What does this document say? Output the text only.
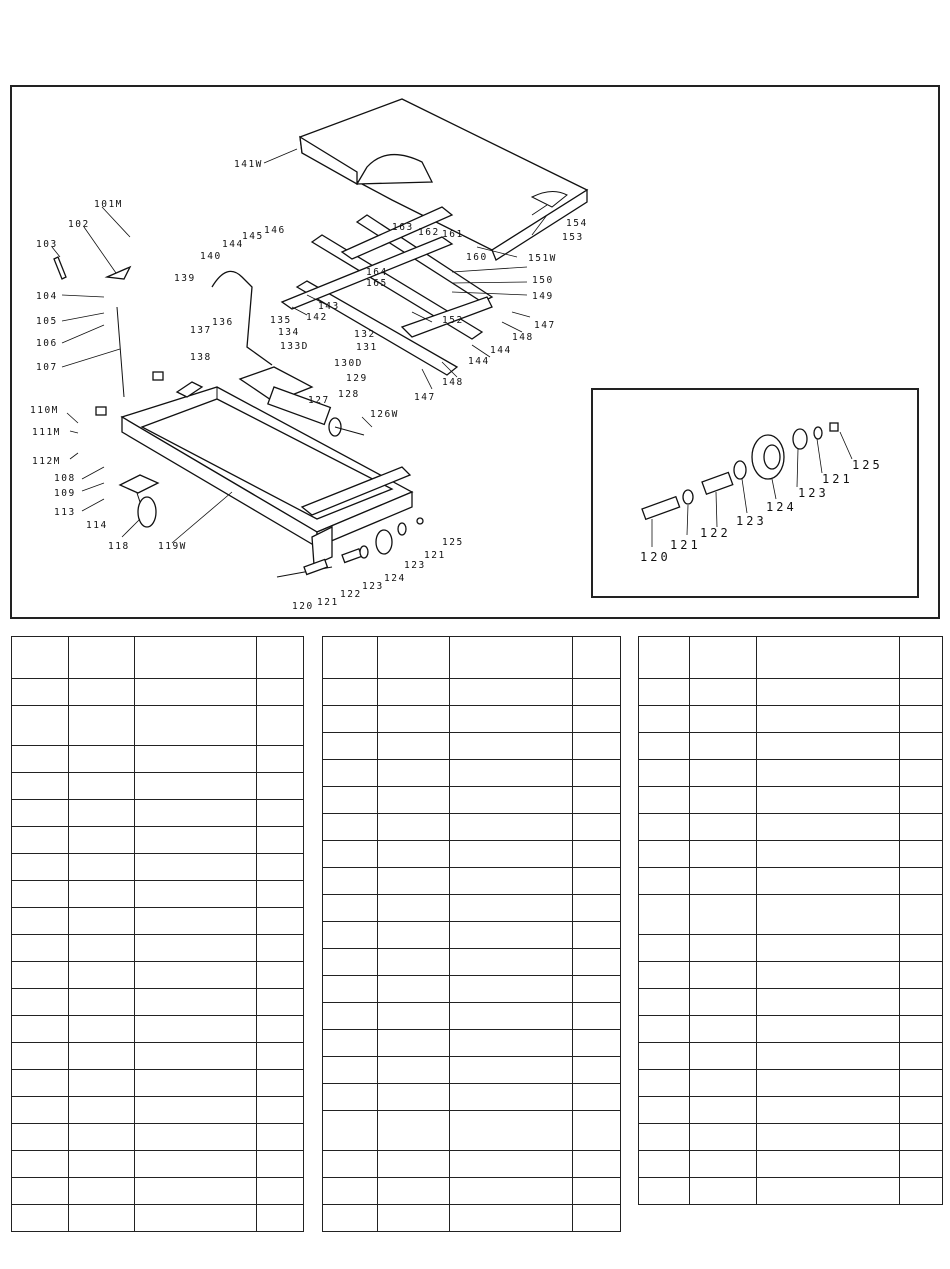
141W
101M
102
103
104
105
106
107
110M
111M
112M
108
109
113
114
118	119W
120 121
122
123
124
123
121
125
126W
127
128
129
130D
131
132
133D
134
135
136
137
138
139
140
142
143
144
145
146
144
144
147
147
148
148
149
150
151W
152
153
154
160
161
162
163
164
165
120
121
122
123
124
123
121
125
